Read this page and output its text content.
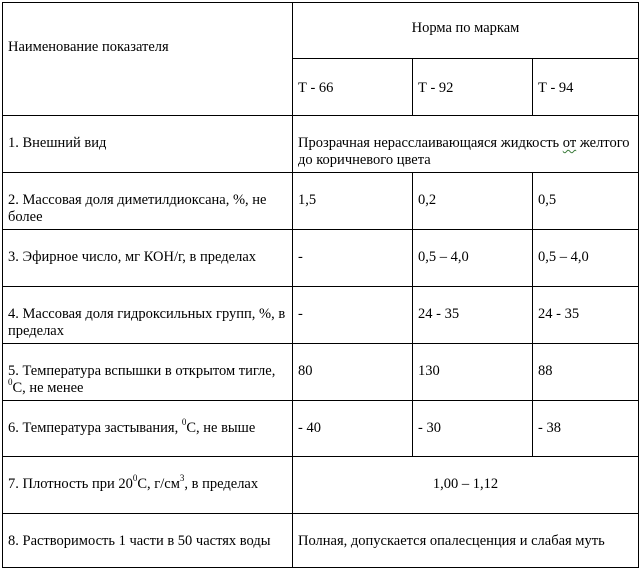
Наименование показателя	Норма по маркам		

	Т - 66	Т - 92	Т - 94

1. Внешний вид	Прозрачная нерасслаивающаяся жидкость от желтого до коричневого цвета		

2. Массовая доля диметилдиоксана, %, не более	1,5	0,2	0,5

3. Эфирное число, мг КОН/г, в пределах	-	0,5 – 4,0	0,5 – 4,0

4. Массовая доля гидроксильных групп, %, в пределах	-	24 - 35	24 - 35

5. Температура вспышки в открытом тигле, $^0$С, не менее	80	130	88

6. Температура застывания, $^0$С, не выше	- 40	- 30	- 38

7. Плотность при $20^0С$, $г/см^3$, в пределах	1,00 – 1,12		

8. Растворимость 1 части в 50 частях воды	Полная, допускается опалесценция и слабая муть		
